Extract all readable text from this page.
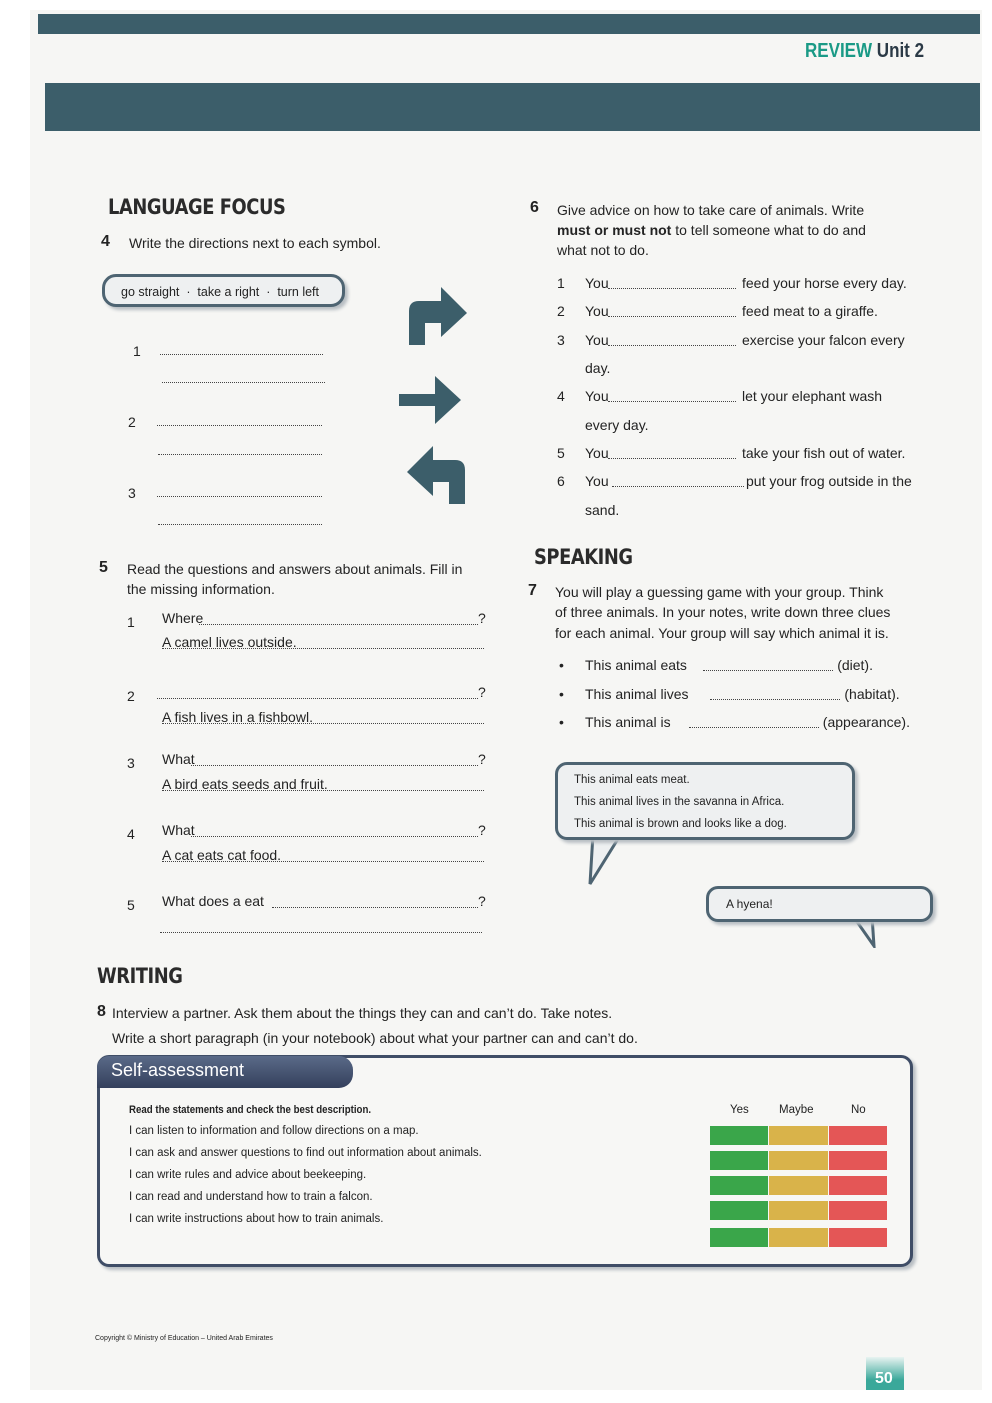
REVIEW Unit 2
LANGUAGE FOCUS
4 Write the directions next to each symbol.
go straight  ·  take a right  ·  turn left
1
2
3
5 Read the questions and answers about animals. Fill in
the missing information.
1 Where	?
A camel lives outside.
2	?
A fish lives in a fishbowl.
3 What	?
A bird eats seeds and fruit.
4 What	?
A cat eats cat food.
5 What does a eat	?
6 Give advice on how to take care of animals. Write
must or must not to tell someone what to do and
what not to do.
1 You	feed your horse every day.
2 You	feed meat to a giraffe.
3 You	exercise your falcon every
day.
4 You	let your elephant wash
every day.
5 You	take your fish out of water.
6 You	put your frog outside in the
sand.
SPEAKING
7 You will play a guessing game with your group. Think
of three animals. In your notes, write down three clues
for each animal. Your group will say which animal it is.
• This animal eats	(diet).
• This animal lives	(habitat).
• This animal is	(appearance).
This animal eats meat.
This animal lives in the savanna in Africa.
This animal is brown and looks like a dog.
A hyena!
WRITING
8 Interview a partner. Ask them about the things they can and can’t do. Take notes.
Write a short paragraph (in your notebook) about what your partner can and can’t do.
Self-assessment
Read the statements and check the best description.	Yes	Maybe	No
I can listen to information and follow directions on a map.
I can ask and answer questions to find out information about animals.
I can write rules and advice about beekeeping.
I can read and understand how to train a falcon.
I can write instructions about how to train animals.
Copyright © Ministry of Education – United Arab Emirates
50
